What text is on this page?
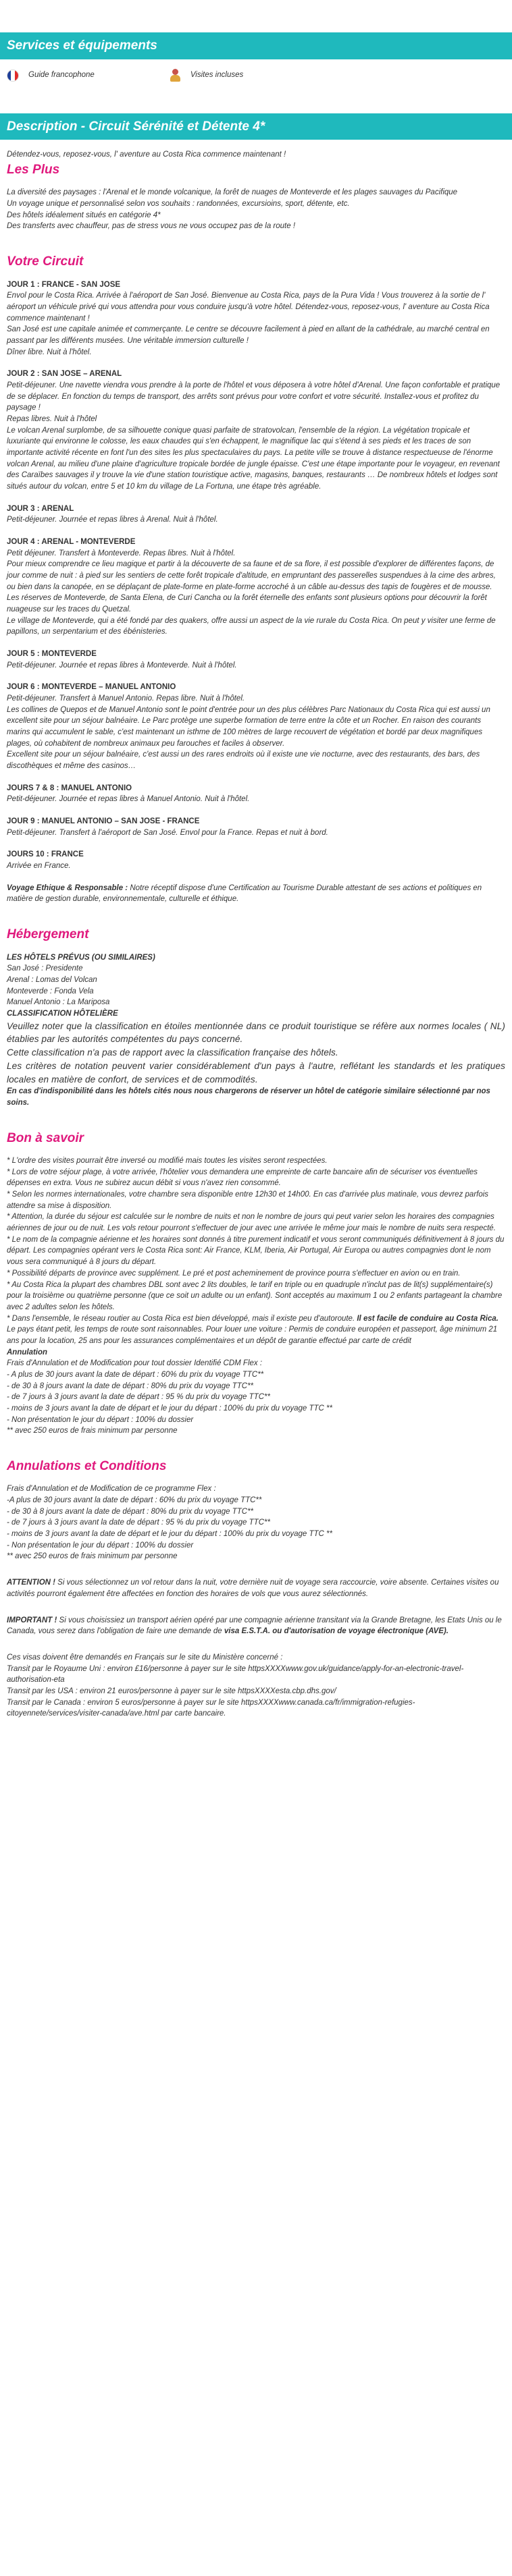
Services et équipements
Guide francophone	Visites incluses
Description - Circuit Sérénité et Détente 4*

Détendez-vous, reposez-vous, l' aventure au Costa Rica commence maintenant !

Les Plus

La diversité des paysages : l'Arenal et le monde volcanique, la forêt de nuages de Monteverde et les plages sauvages du Pacifique

Un voyage unique et personnalisé selon vos souhaits : randonnées, excursioins, sport, détente, etc.

Des hôtels idéalement situés en catégorie 4*

Des transferts avec chauffeur, pas de stress vous ne vous occupez pas de la route !

Votre Circuit

JOUR 1 : FRANCE - SAN JOSE

Envol pour le Costa Rica. Arrivée à l'aéroport de San José. Bienvenue au Costa Rica, pays de la Pura Vida ! Vous trouverez à la sortie de l' aéroport un véhicule privé qui vous attendra pour vous conduire jusqu'à votre hôtel. Détendez-vous, reposez-vous, l' aventure au Costa Rica commence maintenant !

San José est une capitale animée et commerçante. Le centre se découvre facilement à pied en allant de la cathédrale, au marché central en passant par les différents musées. Une véritable immersion culturelle !

Dîner libre. Nuit à l'hôtel.

JOUR 2 : SAN JOSE – ARENAL

Petit-déjeuner. Une navette viendra vous prendre à la porte de l'hôtel et vous déposera à votre hôtel d'Arenal. Une façon confortable et pratique de se déplacer. En fonction du temps de transport, des arrêts sont prévus pour votre confort et votre sécurité. Installez-vous et profitez du paysage !

Repas libres. Nuit à l'hôtel

Le volcan Arenal surplombe, de sa silhouette conique quasi parfaite de stratovolcan, l'ensemble de la région. La végétation tropicale et luxuriante qui environne le colosse, les eaux chaudes qui s'en échappent, le magnifique lac qui s'étend à ses pieds et les traces de son importante activité récente en font l'un des sites les plus spectaculaires du pays. La petite ville se trouve à distance respectueuse de l'énorme volcan Arenal, au milieu d'une plaine d'agriculture tropicale bordée de jungle épaisse. C'est une étape importante pour le voyageur, en revenant des Caraïbes sauvages il y trouve la vie d'une station touristique active, magasins, banques, restaurants … De nombreux hôtels et lodges sont situés autour du volcan, entre 5 et 10 km du village de La Fortuna, une étape très agréable.

JOUR 3 : ARENAL

Petit-déjeuner. Journée et repas libres à Arenal. Nuit à l'hôtel.

JOUR 4 : ARENAL - MONTEVERDE

Petit déjeuner. Transfert à Monteverde. Repas libres. Nuit à l'hôtel.

Pour mieux comprendre ce lieu magique et partir à la découverte de sa faune et de sa flore, il est possible d'explorer de différentes façons, de jour comme de nuit : à pied sur les sentiers de cette forêt tropicale d'altitude, en empruntant des passerelles suspendues à la cime des arbres, ou bien dans la canopée, en se déplaçant de plate-forme en plate-forme accroché à un câble au-dessus des tapis de fougères et de mousse.

Les réserves de Monteverde, de Santa Elena, de Curi Cancha ou la forêt éternelle des enfants sont plusieurs options pour découvrir la forêt nuageuse sur les traces du Quetzal.

Le village de Monteverde, qui a été fondé par des quakers, offre aussi un aspect de la vie rurale du Costa Rica. On peut y visiter une ferme de papillons, un serpentarium et des ébénisteries.

JOUR 5 : MONTEVERDE

Petit-déjeuner. Journée et repas libres à Monteverde. Nuit à l'hôtel.

JOUR 6 : MONTEVERDE – MANUEL ANTONIO

Petit-déjeuner. Transfert à Manuel Antonio. Repas libre. Nuit à l'hôtel.

Les collines de Quepos et de Manuel Antonio sont le point d'entrée pour un des plus célèbres Parc Nationaux du Costa Rica qui est aussi un excellent site pour un séjour balnéaire. Le Parc protège une superbe formation de terre entre la côte et un Rocher. En raison des courants marins qui accumulent le sable, c'est maintenant un isthme de 100 mètres de large recouvert de végétation et bordé par deux magnifiques plages, où cohabitent de nombreux animaux peu farouches et faciles à observer.

Excellent site pour un séjour balnéaire, c'est aussi un des rares endroits où il existe une vie nocturne, avec des restaurants, des bars, des discothèques et même des casinos…

JOURS 7 & 8 : MANUEL ANTONIO

Petit-déjeuner. Journée et repas libres à Manuel Antonio. Nuit à l'hôtel.

JOUR 9 : MANUEL ANTONIO – SAN JOSE - FRANCE

Petit-déjeuner. Transfert à l'aéroport de San José. Envol pour la France. Repas et nuit à bord.

JOURS 10 : FRANCE

Arrivée en France.

Voyage Ethique & Responsable : Notre réceptif dispose d'une Certification au Tourisme Durable attestant de ses actions et politiques en matière de gestion durable, environnementale, culturelle et éthique.

Hébergement

LES HÔTELS PRÉVUS (OU SIMILAIRES)

San José : Presidente

Arenal : Lomas del Volcan

Monteverde : Fonda Vela

Manuel Antonio : La Mariposa

CLASSIFICATION HÔTELIÈRE

Veuillez noter que la classification en étoiles mentionnée dans ce produit touristique se réfère aux normes locales ( NL) établies par les autorités compétentes du pays concerné.

Cette classification n'a pas de rapport avec la classification française des hôtels.

Les critères de notation peuvent varier considérablement d'un pays à l'autre, reflétant les standards et les pratiques locales en matière de confort, de services et de commodités.

En cas d'indisponibilité dans les hôtels cités nous nous chargerons de réserver un hôtel de catégorie similaire sélectionné par nos soins.

Bon à savoir

* L'ordre des visites pourrait être inversé ou modifié mais toutes les visites seront respectées.

* Lors de votre séjour plage, à votre arrivée, l'hôtelier vous demandera une empreinte de carte bancaire afin de sécuriser vos éventuelles dépenses en extra. Vous ne subirez aucun débit si vous n'avez rien consommé.

* Selon les normes internationales, votre chambre sera disponible entre 12h30 et 14h00. En cas d'arrivée plus matinale, vous devrez parfois attendre sa mise à disposition.

* Attention, la durée du séjour est calculée sur le nombre de nuits et non le nombre de jours qui peut varier selon les horaires des compagnies aériennes de jour ou de nuit. Les vols retour pourront s'effectuer de jour avec une arrivée le même jour mais le nombre de nuits sera respecté.

* Le nom de la compagnie aérienne et les horaires sont donnés à titre purement indicatif et vous seront communiqués définitivement à 8 jours du départ. Les compagnies opérant vers le Costa Rica sont: Air France, KLM, Iberia, Air Portugal, Air Europa ou autres compagnies dont le nom vous sera communiqué à 8 jours du départ.

* Possibilité départs de province avec supplément. Le pré et post acheminement de province pourra s'effectuer en avion ou en train.

* Au Costa Rica la plupart des chambres DBL sont avec 2 lits doubles, le tarif en triple ou en quadruple n'inclut pas de lit(s) supplémentaire(s) pour la troisième ou quatrième personne (que ce soit un adulte ou un enfant). Sont acceptés au maximum 1 ou 2 enfants partageant la chambre avec 2 adultes selon les hôtels.

* Dans l'ensemble, le réseau routier au Costa Rica est bien développé, mais il existe peu d'autoroute. Il est facile de conduire au Costa Rica. Le pays étant petit, les temps de route sont raisonnables. Pour louer une voiture : Permis de conduire européen et passeport, âge minimum 21 ans pour la location, 25 ans pour les assurances complémentaires et un dépôt de garantie effectué par carte de crédit

Annulation

Frais d'Annulation et de Modification pour tout dossier Identifié CDM Flex :

- A plus de 30 jours avant la date de départ : 60% du prix du voyage TTC**

- de 30 à 8 jours avant la date de départ : 80% du prix du voyage TTC**

- de 7 jours à 3 jours avant la date de départ : 95 % du prix du voyage TTC**

- moins de 3 jours avant la date de départ et le jour du départ : 100% du prix du voyage TTC **

- Non présentation le jour du départ : 100% du dossier

** avec 250 euros de frais minimum par personne

Annulations et Conditions

Frais d'Annulation et de Modification de ce programme Flex :

-A plus de 30 jours avant la date de départ : 60% du prix du voyage TTC**

- de 30 à 8 jours avant la date de départ : 80% du prix du voyage TTC**

- de 7 jours à 3 jours avant la date de départ : 95 % du prix du voyage TTC**

- moins de 3 jours avant la date de départ et le jour du départ : 100% du prix du voyage TTC **

- Non présentation le jour du départ : 100% du dossier

** avec 250 euros de frais minimum par personne

ATTENTION ! Si vous sélectionnez un vol retour dans la nuit, votre dernière nuit de voyage sera raccourcie, voire absente. Certaines visites ou activités pourront également être affectées en fonction des horaires de vols que vous aurez sélectionnés.

IMPORTANT ! Si vous choisissiez un transport aérien opéré par une compagnie aérienne transitant via la Grande Bretagne, les Etats Unis ou le Canada, vous serez dans l'obligation de faire une demande de visa E.S.T.A. ou d'autorisation de voyage électronique (AVE).

Ces visas doivent être demandés en Français sur le site du Ministère concerné :

Transit par le Royaume Uni : environ £16/personne à payer sur le site httpsXXXXwww.gov.uk/guidance/apply-for-an-electronic-travel-authorisation-eta

Transit par les USA : environ 21 euros/personne à payer sur le site httpsXXXXesta.cbp.dhs.gov/

Transit par le Canada : environ 5 euros/personne à payer sur le site httpsXXXXwww.canada.ca/fr/immigration-refugies-citoyennete/services/visiter-canada/ave.html par carte bancaire.
